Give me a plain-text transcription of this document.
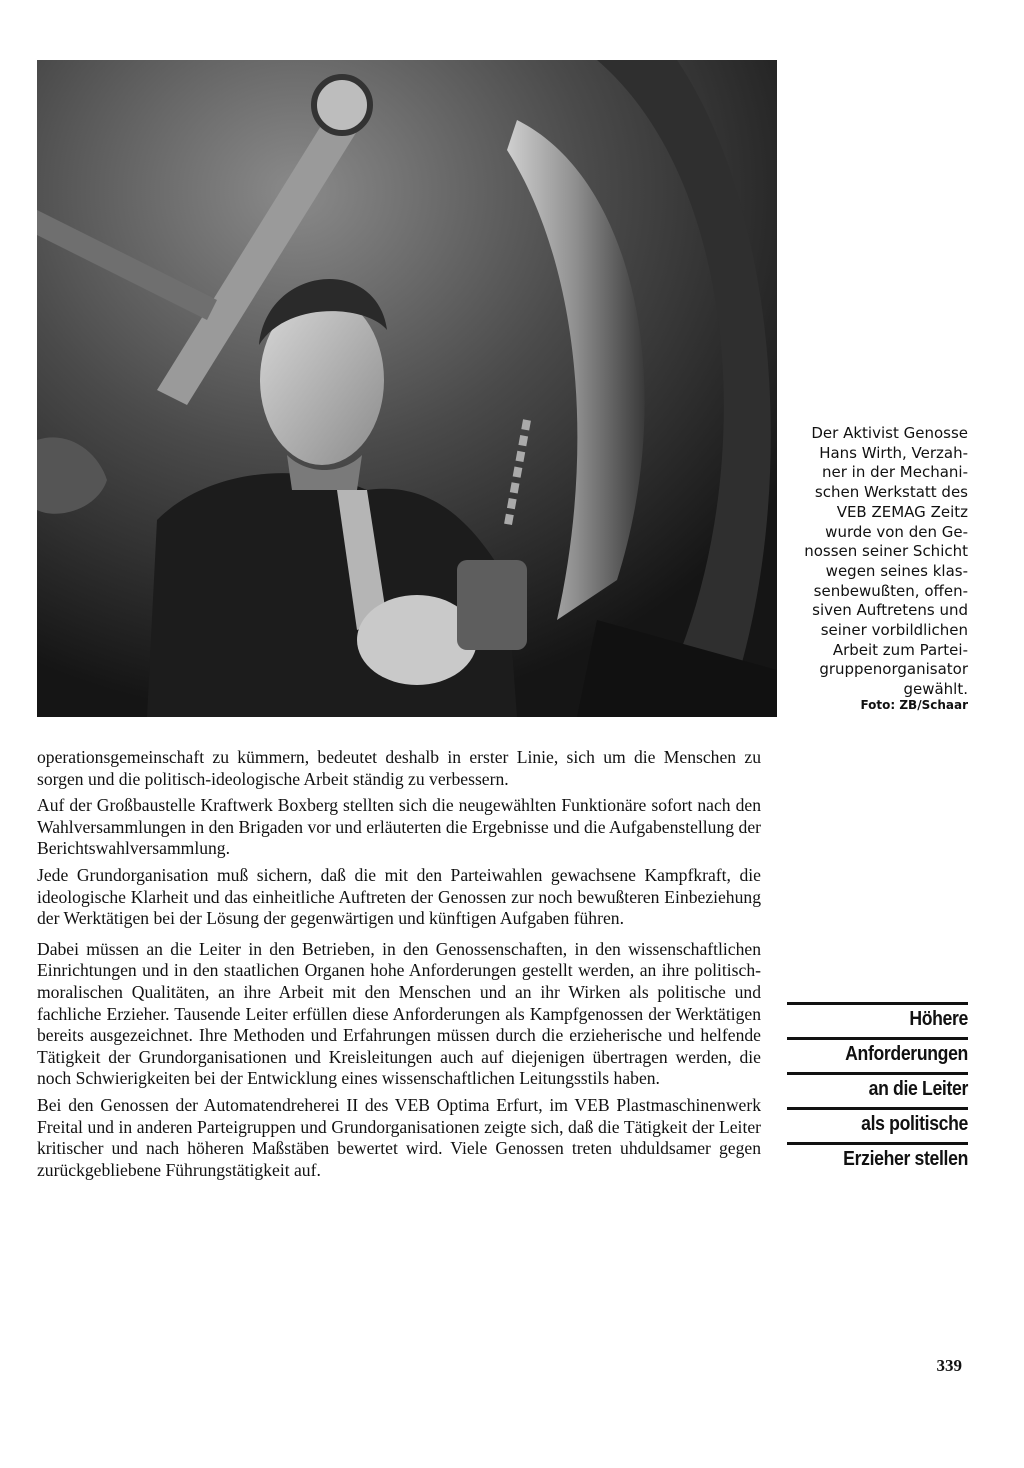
Der Aktivist Genosse
Hans Wirth, Verzah-
ner in der Mechani-
schen Werkstatt des
VEB ZEMAG Zeitz
wurde von den Ge-
nossen seiner Schicht
wegen seines klas-
senbewußten, offen-
siven Auftretens und
seiner vorbildlichen
Arbeit zum Partei-
gruppenorganisator
gewählt.
Foto: ZB/Schaar

operationsgemeinschaft zu kümmern, bedeutet deshalb in erster Linie, sich um die Menschen zu sorgen und die politisch-ideologische Arbeit ständig zu verbessern.

Auf der Großbaustelle Kraftwerk Boxberg stellten sich die neugewählten Funktionäre sofort nach den Wahlversammlungen in den Brigaden vor und erläuterten die Ergebnisse und die Aufgabenstellung der Berichtswahlversammlung.

Jede Grundorganisation muß sichern, daß die mit den Parteiwahlen gewachsene Kampfkraft, die ideologische Klarheit und das einheitliche Auftreten der Genossen zur noch bewußteren Einbeziehung der Werktätigen bei der Lösung der gegenwärtigen und künftigen Aufgaben führen.

Dabei müssen an die Leiter in den Betrieben, in den Genossenschaften, in den wissenschaftlichen Einrichtungen und in den staatlichen Organen hohe Anforderungen gestellt werden, an ihre politisch-moralischen Qualitäten, an ihre Arbeit mit den Menschen und an ihr Wirken als politische und fachliche Erzieher. Tausende Leiter erfüllen diese Anforderungen als Kampfgenossen der Werktätigen bereits ausgezeichnet. Ihre Methoden und Erfahrungen müssen durch die erzieherische und helfende Tätigkeit der Grundorganisationen und Kreisleitungen auch auf diejenigen übertragen werden, die noch Schwierigkeiten bei der Entwicklung eines wissenschaftlichen Leitungsstils haben.

Bei den Genossen der Automatendreherei II des VEB Optima Erfurt, im VEB Plastmaschinenwerk Freital und in anderen Parteigruppen und Grundorganisationen zeigte sich, daß die Tätigkeit der Leiter kritischer und nach höheren Maßstäben bewertet wird. Viele Genossen treten uhduldsamer gegen zurückgebliebene Führungstätigkeit auf.

Höhere
Anforderungen
an die Leiter
als politische
Erzieher stellen
339
